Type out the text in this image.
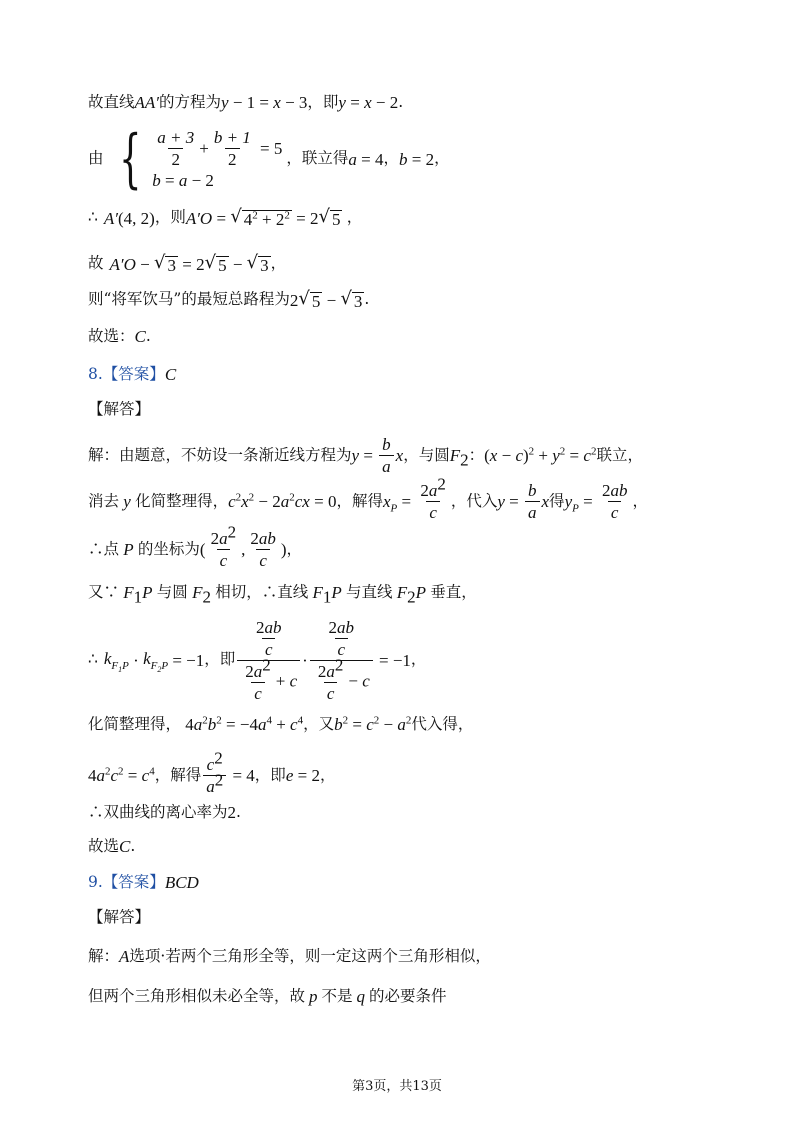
故直线 AA′ 的方程为 y − 1 = x − 3 ，即 y = x − 2 .
由 { $\frac{a + 3}{2} + \frac{b + 1}{2} = 5$
b = a − 2
，联立得 a = 4 ， b = 2 ，
∴ A′ (4, 2) ，则 A′O = √ $4^2 + 2^2 = 2$ √ 5
，
故 A′O − √ 3 = 2 √ 5 − √ 3 ，
则“将军饮马”的最短总路程为 2 √ 5 − √ 3 .
故选： C .
8. 【答案】 C
【解答】
解：由题意，不妨设一条渐近线方程为 $y = \frac{b}{a}$ x ，与圆 $F_2$ ： ( x − c )$^2$ + y $^2$ = c $^2$ 联立，
消去 y 化简整理得， c $^2$ x $^2$ − 2 a $^2$ cx = 0 ，解得 $x_P = \frac{2a^2}{c}$ ，代入 $y = \frac{b}{a}$ x 得 $y_P = \frac{2ab}{c}$ ，
∴点 P 的坐标为 ( $\frac{2a^2}{c}$ , $\frac{2ab}{c}$ ) ，
又∵ $F_1P$ 与圆 $F_2$ 相切，∴直线 $F_1P$ 与直线 $F_2P$ 垂直，
∴ $k_{F_1P} \cdot k_{F_2P} = -1$ ，即 $\frac{\frac{2ab}{c}}{\frac{2a^2}{c} + c} \cdot \frac{\frac{2ab}{c}}{\frac{2a^2}{c} - c} = -1$ ，
化简整理得， 4 a $^2$ b $^2$ = −4 a $^4$ + c $^4$ ，又 b $^2$ = c $^2$ − a $^2$ 代入得，
4 a $^2$ c $^2$ = c $^4$ ，解得 $\frac{c^2}{a^2} = 4$ ，即 e = 2 ，
∴双曲线的离心率为 2 .
故选 C .
9. 【答案】 BCD
【解答】
解： A 选项·若两个三角形全等，则一定这两个三角形相似，
但两个三角形相似未必全等，故 p 不是 q 的必要条件
第3页，共13页
